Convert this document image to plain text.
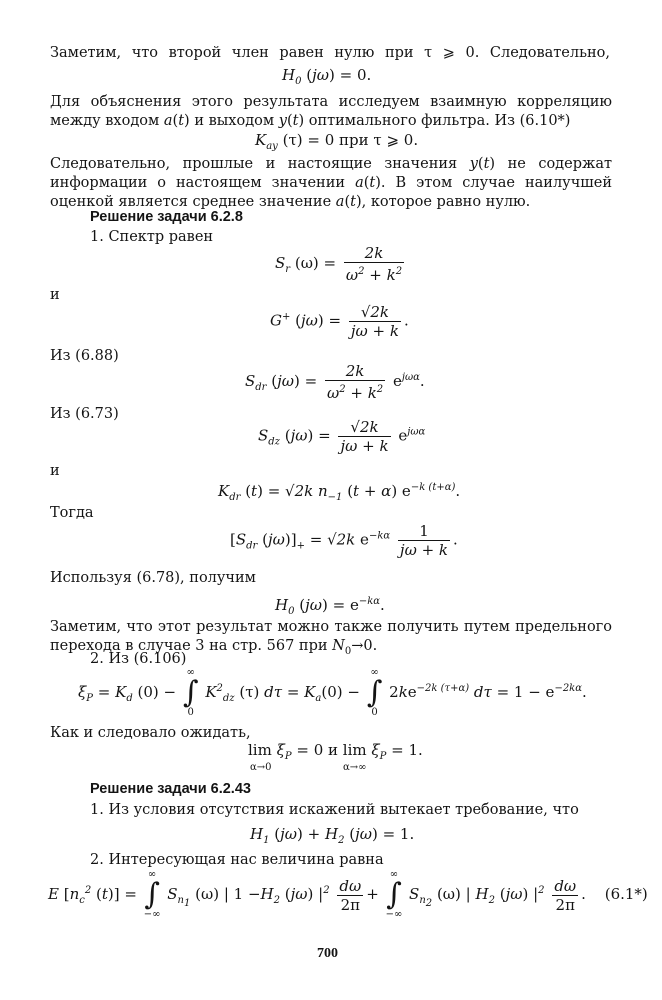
Заметим, что второй член равен нулю при τ ⩾ 0. Следовательно,
$H_0$ (jω) = 0.
Для объяснения этого результата исследуем взаимную корреляцию между входом a(t) и выходом y(t) оптимального фильтра. Из (6.10*)
$K_{ay}$ (τ) = 0 при τ ⩾ 0.
Следовательно, прошлые и настоящие значения y(t) не содержат информации о настоящем значении a(t). В этом случае наилучшей оценкой является среднее значение a(t), которое равно нулю.
Решение задачи 6.2.8
1. Спектр равен
$S_r$ $(\omega) = \frac{2k}{\omega^2 + k^2}$
и
G+ $(j\omega) = \frac{√2k}{j\omega + k}$ .
Из (6.88)
$S_{dr}$ $(j\omega) = \frac{2k}{\omega^2 + k^2} e^{j\omega\alpha}$.
Из (6.73)
$S_{dz}$ $(j\omega) = \frac{√2k}{j\omega + k} e^{j\omega\alpha}$
и
$K_{dr}$ (t) = √2k $n_{-1}$ (t + α) $e^{-k (t+\alpha)}$.
Тогда
[$S_{dr}$ $(j\omega)]_+ = √2k$ $e^{-k\alpha} \frac{1}{j\omega + k}$ .
Используя (6.78), получим
$H_0$ $(j\omega) = e^{-k\alpha}$.
Заметим, что этот результат можно также получить путем предельного перехода в случае 3 на стр. 567 при $N_0\to 0$.
2. Из (6.106)
$\xi_P = K_d$ (0) −
∞
∫
0
$K^2_{dz}$ (τ) $d\tau = K_a(0)$ −
∞
∫
0
$2ke^{-2k (\tau+\alpha)}$ $d\tau = 1 - e^{-2k\alpha}$.
Как и следовало ожидать,
$\lim \xi_P = 0$ и $\lim \xi_P = 1$.
α→0	α→∞
Решение задачи 6.2.43
1. Из условия отсутствия искажений вытекает требование, что
$H_1$ $(j\omega) + H_2$ (jω) = 1.
2. Интересующая нас величина равна
E [$n_c^2$ (t)] =
∞
∫
−∞
$S_{n_1}$ (ω) | $1 -H_2$ (jω) $|^2 \frac{d\omega}{2\pi}$ +
∞
∫
−∞
$S_{n_2}$ (ω) | $H_2$ (jω) $|^2 \frac{d\omega}{2\pi}$ . (6.1*)
700
